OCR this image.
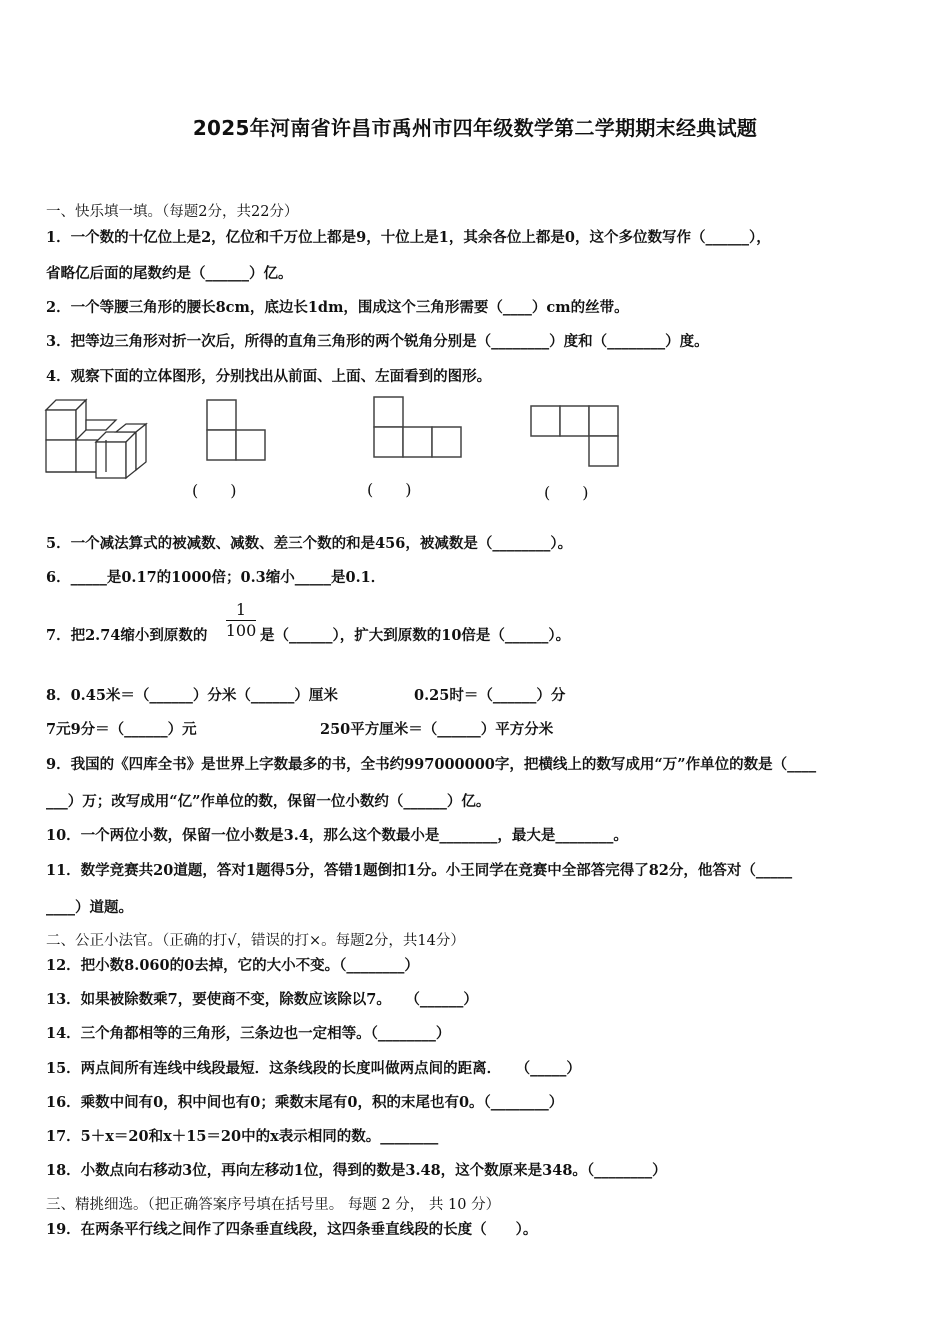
2025年河南省许昌市禹州市四年级数学第二学期期末经典试题
一、快乐填一填。（每题2分，共22分）
1．一个数的十亿位上是2，亿位和千万位上都是9，十位上是1，其余各位上都是0，这个多位数写作（______），
省略亿后面的尾数约是（______）亿。
2．一个等腰三角形的腰长8cm，底边长1dm，围成这个三角形需要（____）cm的丝带。
3．把等边三角形对折一次后，所得的直角三角形的两个锐角分别是（________）度和（________）度。
4．观察下面的立体图形，分别找出从前面、上面、左面看到的图形。
(　　)	(　　)	(　　)
5．一个减法算式的被减数、减数、差三个数的和是456，被减数是（________）。
6．_____是0.17的1000倍；0.3缩小_____是0.1．
7．把2.74缩小到原数的
1
100 是（______），扩大到原数的10倍是（______）。
8．0.45米＝（______）分米（______）厘米	0.25时＝（______）分
7元9分＝（______）元	250平方厘米＝（______）平方分米
9．我国的《四库全书》是世界上字数最多的书，全书约997000000字，把横线上的数写成用“万”作单位的数是（____
___）万；改写成用“亿”作单位的数，保留一位小数约（______）亿。
10．一个两位小数，保留一位小数是3.4，那么这个数最小是________，最大是________。
11．数学竞赛共20道题，答对1题得5分，答错1题倒扣1分。小王同学在竞赛中全部答完得了82分，他答对（_____
____）道题。
二、公正小法官。（正确的打√，错误的打×。每题2分，共14分）
12．把小数8.060的0去掉，它的大小不变。（________）
13．如果被除数乘7，要使商不变，除数应该除以7。　　（______）
14．三个角都相等的三角形，三条边也一定相等。（________）
15．两点间所有连线中线段最短．这条线段的长度叫做两点间的距离．　　（_____）
16．乘数中间有0，积中间也有0；乘数末尾有0，积的末尾也有0。（________）
17．5＋x＝20和x＋15＝20中的x表示相同的数。________
18．小数点向右移动3位，再向左移动1位，得到的数是3.48，这个数原来是348。（________）
三、精挑细选。（把正确答案序号填在括号里。 每题 2 分， 共 10 分）
19．在两条平行线之间作了四条垂直线段，这四条垂直线段的长度（　　）。
